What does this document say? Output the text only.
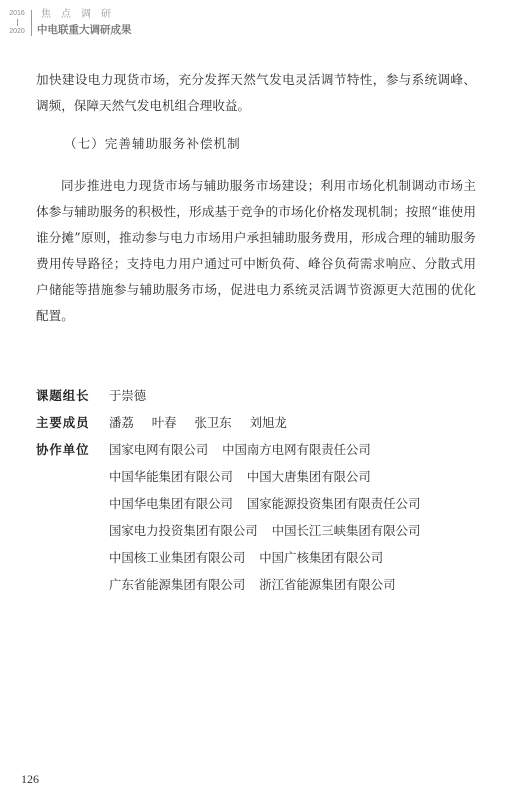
2016
2020
焦点调研
中电联重大调研成果
加快建设电力现货市场，充分发挥天然气发电灵活调节特性，参与系统调峰、调频，保障天然气发电机组合理收益。
（七）完善辅助服务补偿机制
同步推进电力现货市场与辅助服务市场建设；利用市场化机制调动市场主体参与辅助服务的积极性，形成基于竞争的市场化价格发现机制；按照“谁使用谁分摊”原则，推动参与电力市场用户承担辅助服务费用，形成合理的辅助服务费用传导路径；支持电力用户通过可中断负荷、峰谷负荷需求响应、分散式用户储能等措施参与辅助服务市场，促进电力系统灵活调节资源更大范围的优化配置。
课题组长 于崇德
主要成员 潘荔 叶春 张卫东 刘旭龙
协作单位 国家电网有限公司 中国南方电网有限责任公司
中国华能集团有限公司 中国大唐集团有限公司
中国华电集团有限公司 国家能源投资集团有限责任公司
国家电力投资集团有限公司 中国长江三峡集团有限公司
中国核工业集团有限公司 中国广核集团有限公司
广东省能源集团有限公司 浙江省能源集团有限公司
126
